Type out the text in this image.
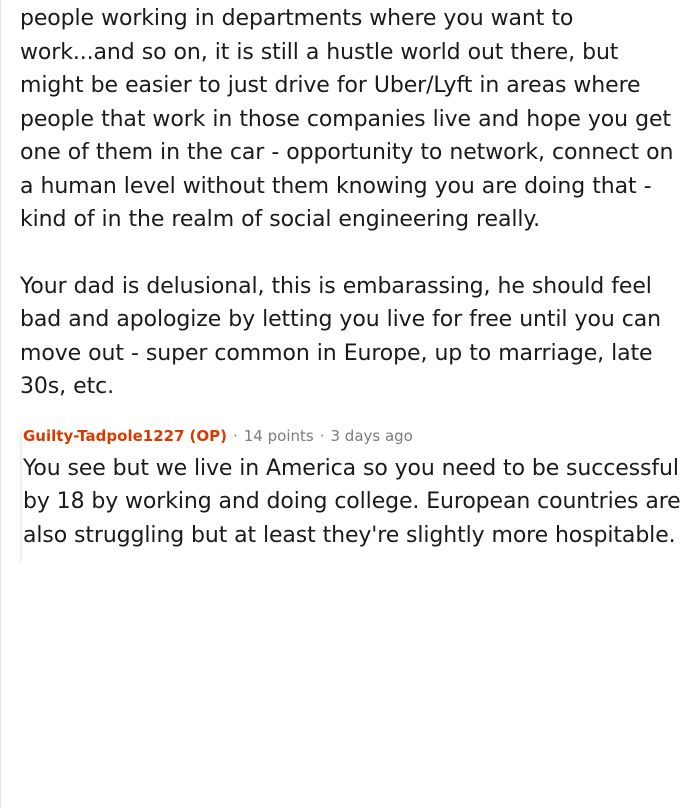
people working in departments where you want to work...and so on, it is still a hustle world out there, but might be easier to just drive for Uber/Lyft in areas where people that work in those companies live and hope you get one of them in the car - opportunity to network, connect on a human level without them knowing you are doing that - kind of in the realm of social engineering really.

Your dad is delusional, this is embarassing, he should feel bad and apologize by letting you live for free until you can move out - super common in Europe, up to marriage, late 30s, etc.

Guilty-Tadpole1227 (OP) · 14 points · 3 days ago

You see but we live in America so you need to be successful by 18 by working and doing college. European countries are also struggling but at least they're slightly more hospitable.
